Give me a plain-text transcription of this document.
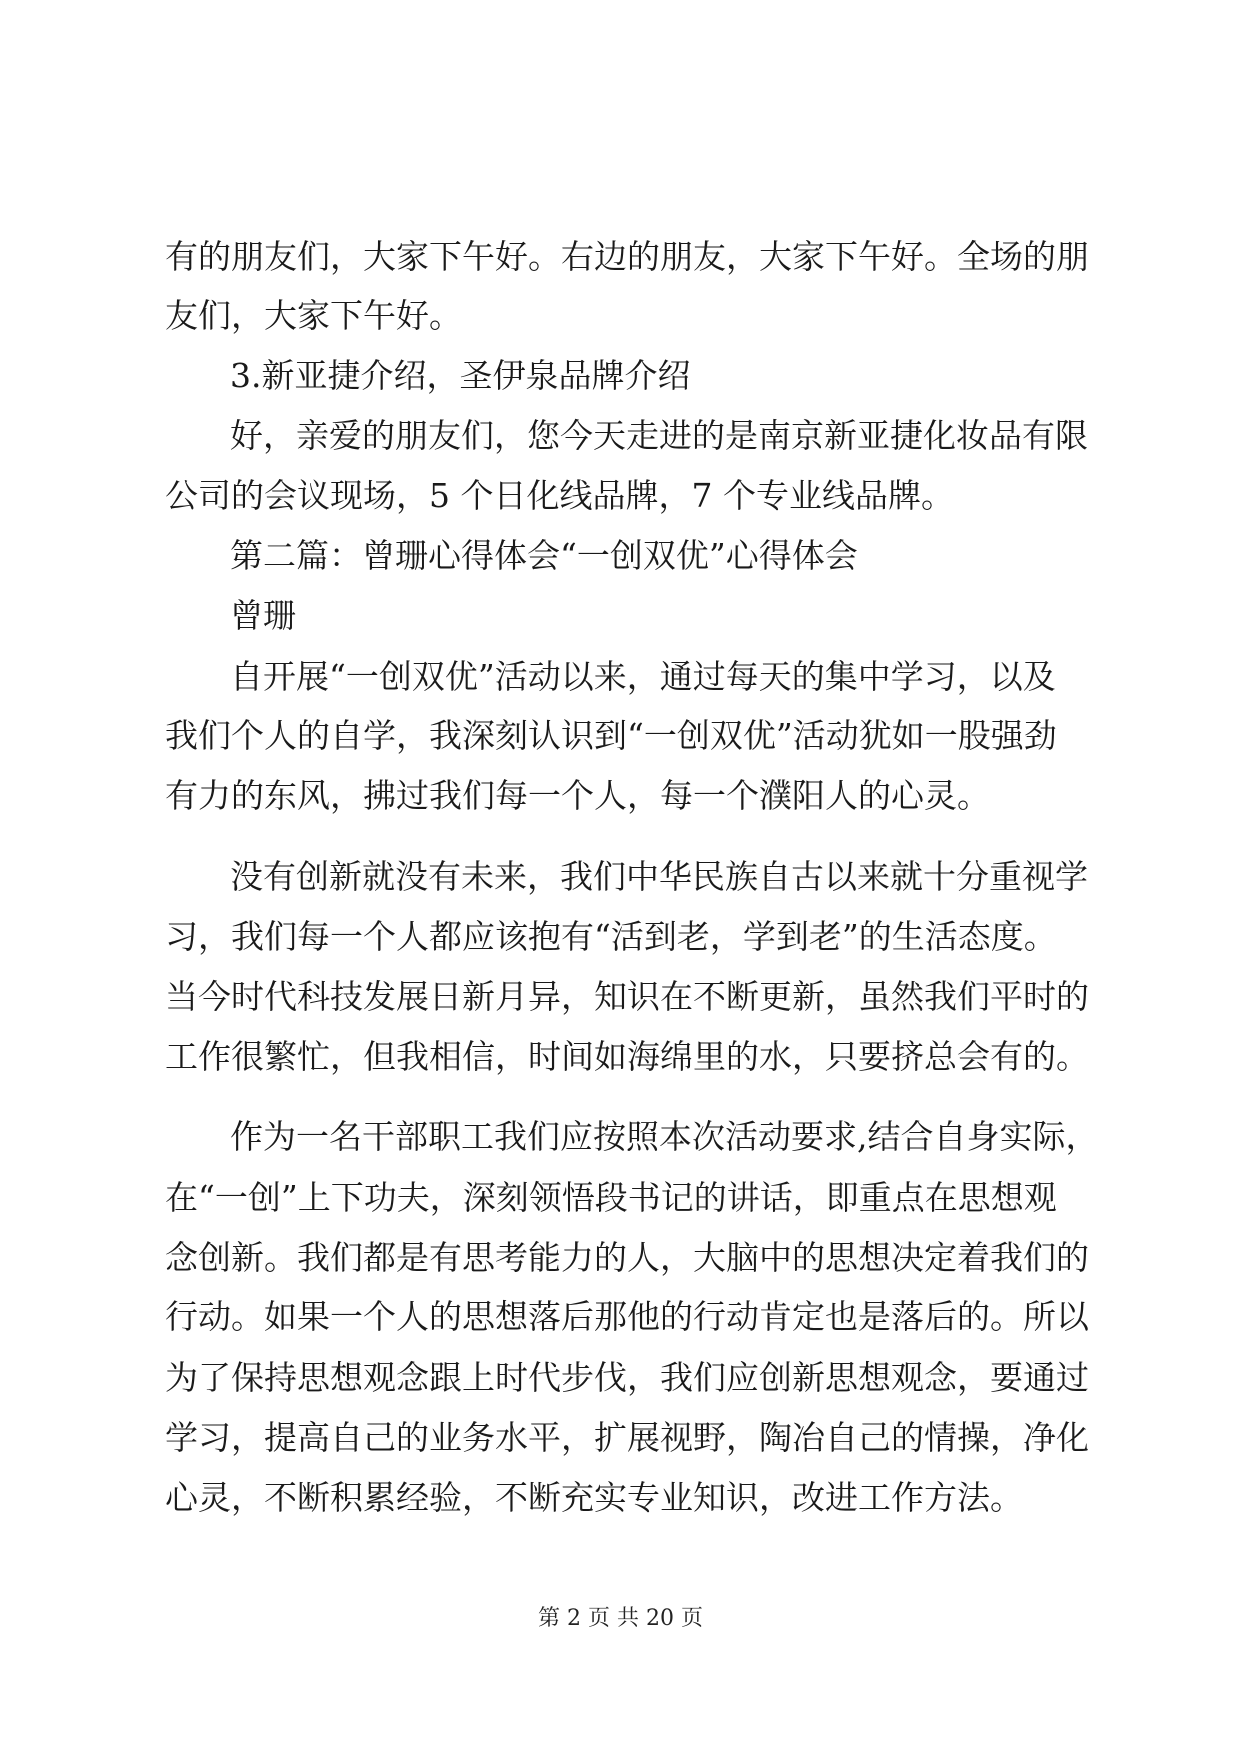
有的朋友们，大家下午好。右边的朋友，大家下午好。全场的朋
友们，大家下午好。
3.新亚捷介绍，圣伊泉品牌介绍
好，亲爱的朋友们，您今天走进的是南京新亚捷化妆品有限
公司的会议现场，5 个日化线品牌，7 个专业线品牌。
第二篇：曾珊心得体会“一创双优”心得体会
曾珊
自开展“一创双优”活动以来，通过每天的集中学习，以及
我们个人的自学，我深刻认识到“一创双优”活动犹如一股强劲
有力的东风，拂过我们每一个人，每一个濮阳人的心灵。
没有创新就没有未来，我们中华民族自古以来就十分重视学
习，我们每一个人都应该抱有“活到老，学到老”的生活态度。
当今时代科技发展日新月异，知识在不断更新，虽然我们平时的
工作很繁忙，但我相信，时间如海绵里的水，只要挤总会有的。
作为一名干部职工我们应按照本次活动要求,结合自身实际，
在“一创”上下功夫，深刻领悟段书记的讲话，即重点在思想观
念创新。我们都是有思考能力的人，大脑中的思想决定着我们的
行动。如果一个人的思想落后那他的行动肯定也是落后的。所以
为了保持思想观念跟上时代步伐，我们应创新思想观念，要通过
学习，提高自己的业务水平，扩展视野，陶冶自己的情操，净化
心灵，不断积累经验，不断充实专业知识，改进工作方法。
第 2 页 共 20 页
